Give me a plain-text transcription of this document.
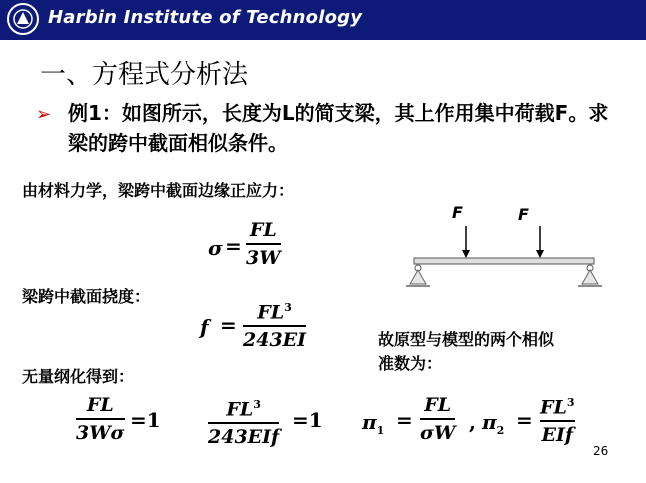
Harbin Institute of Technology
一、方程式分析法
➢ 例1：如图所示，长度为L的简支梁，其上作用集中荷载F。求梁的跨中截面相似条件。
由材料力学，梁跨中截面边缘正应力：
σ =
FL
3W
梁跨中截面挠度：
f =
$FL^3$
243EI	故原型与模型的两个相似准数为：
无量纲化得到：
FL
3Wσ
=1	$FL^3$
243EIf
=1 $\pi_1$ =
FL
σW , $\pi_2$ =
$FL^3$
EIf
F	F
26
